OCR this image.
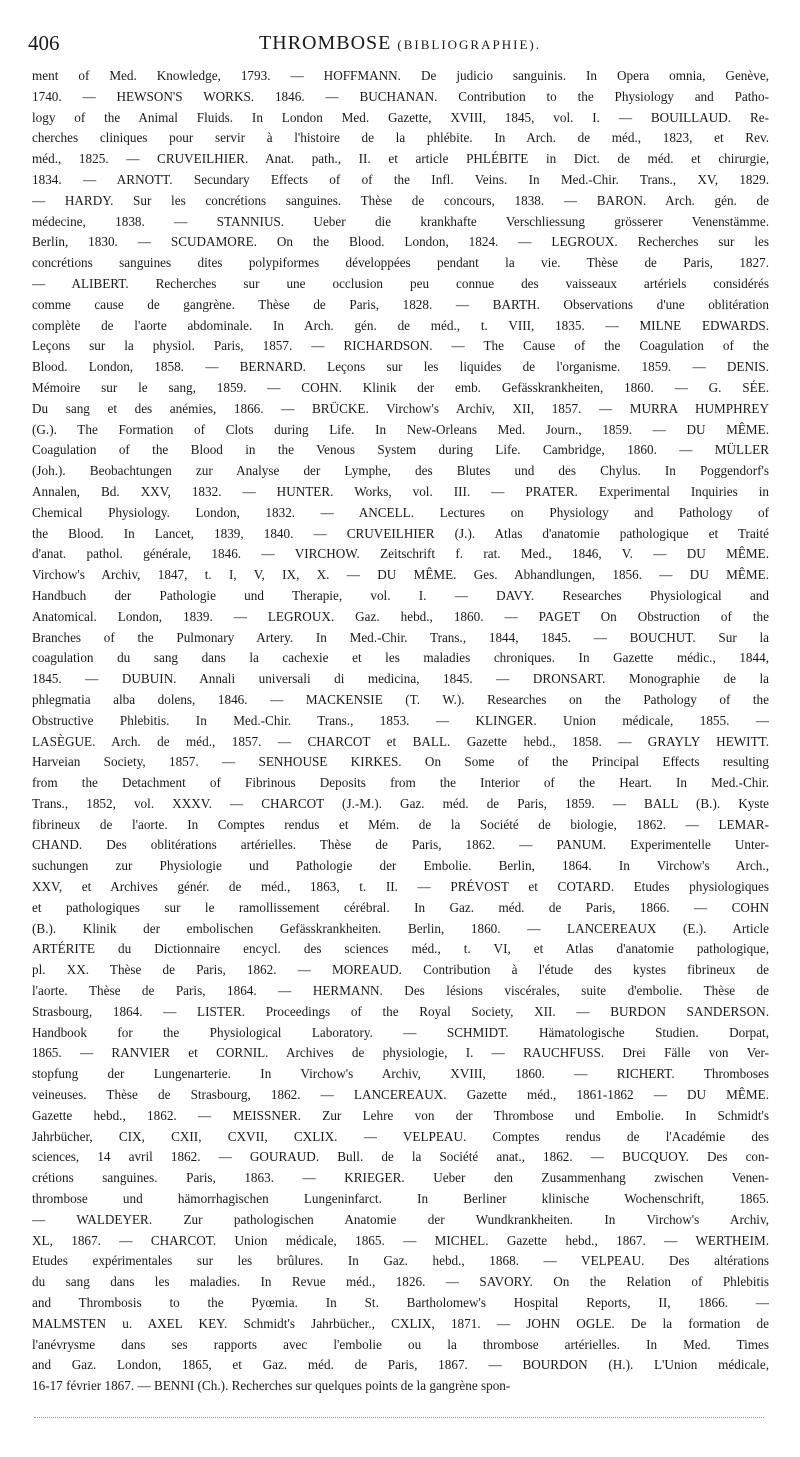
406	THROMBOSE (BIBLIOGRAPHIE).

ment of Med. Knowledge, 1793. — HOFFMANN. De judicio sanguinis. In Opera omnia, Genève,
1740. — HEWSON'S WORKS. 1846. — BUCHANAN. Contribution to the Physiology and Patho-
logy of the Animal Fluids. In London Med. Gazette, XVIII, 1845, vol. I. — BOUILLAUD. Re-
cherches cliniques pour servir à l'histoire de la phlébite. In Arch. de méd., 1823, et Rev.
méd., 1825. — CRUVEILHIER. Anat. path., II. et article PHLÉBITE in Dict. de méd. et chirurgie,
1834. — ARNOTT. Secundary Effects of of the Infl. Veins. In Med.-Chir. Trans., XV, 1829.
— HARDY. Sur les concrétions sanguines. Thèse de concours, 1838. — BARON. Arch. gén. de
médecine, 1838. — STANNIUS. Ueber die krankhafte Verschliessung grösserer Venenstämme.
Berlin, 1830. — SCUDAMORE. On the Blood. London, 1824. — LEGROUX. Recherches sur les
concrétions sanguines dites polypiformes développées pendant la vie. Thèse de Paris, 1827.
— ALIBERT. Recherches sur une occlusion peu connue des vaisseaux artériels considérés
comme cause de gangrène. Thèse de Paris, 1828. — BARTH. Observations d'une oblitération
complète de l'aorte abdominale. In Arch. gén. de méd., t. VIII, 1835. — MILNE EDWARDS.
Leçons sur la physiol. Paris, 1857. — RICHARDSON. — The Cause of the Coagulation of the
Blood. London, 1858. — BERNARD. Leçons sur les liquides de l'organisme. 1859. — DENIS.
Mémoire sur le sang, 1859. — COHN. Klinik der emb. Gefässkrankheiten, 1860. — G. SÉE.
Du sang et des anémies, 1866. — BRÜCKE. Virchow's Archiv, XII, 1857. — MURRA HUMPHREY
(G.). The Formation of Clots during Life. In New-Orleans Med. Journ., 1859. — DU MÊME.
Coagulation of the Blood in the Venous System during Life. Cambridge, 1860. — MÜLLER
(Joh.). Beobachtungen zur Analyse der Lymphe, des Blutes und des Chylus. In Poggendorf's
Annalen, Bd. XXV, 1832. — HUNTER. Works, vol. III. — PRATER. Experimental Inquiries in
Chemical Physiology. London, 1832. — ANCELL. Lectures on Physiology and Pathology of
the Blood. In Lancet, 1839, 1840. — CRUVEILHIER (J.). Atlas d'anatomie pathologique et Traité
d'anat. pathol. générale, 1846. — VIRCHOW. Zeitschrift f. rat. Med., 1846, V. — DU MÊME.
Virchow's Archiv, 1847, t. I, V, IX, X. — DU MÊME. Ges. Abhandlungen, 1856. — DU MÊME.
Handbuch der Pathologie und Therapie, vol. I. — DAVY. Researches Physiological and
Anatomical. London, 1839. — LEGROUX. Gaz. hebd., 1860. — PAGET On Obstruction of the
Branches of the Pulmonary Artery. In Med.-Chir. Trans., 1844, 1845. — BOUCHUT. Sur la
coagulation du sang dans la cachexie et les maladies chroniques. In Gazette médic., 1844,
1845. — DUBUIN. Annali universali di medicina, 1845. — DRONSART. Monographie de la
phlegmatia alba dolens, 1846. — MACKENSIE (T. W.). Researches on the Pathology of the
Obstructive Phlebitis. In Med.-Chir. Trans., 1853. — KLINGER. Union médicale, 1855. —
LASÈGUE. Arch. de méd., 1857. — CHARCOT et BALL. Gazette hebd., 1858. — GRAYLY HEWITT.
Harveian Society, 1857. — SENHOUSE KIRKES. On Some of the Principal Effects resulting
from the Detachment of Fibrinous Deposits from the Interior of the Heart. In Med.-Chir.
Trans., 1852, vol. XXXV. — CHARCOT (J.-M.). Gaz. méd. de Paris, 1859. — BALL (B.). Kyste
fibrineux de l'aorte. In Comptes rendus et Mém. de la Société de biologie, 1862. — LEMAR-
CHAND. Des oblitérations artérielles. Thèse de Paris, 1862. — PANUM. Experimentelle Unter-
suchungen zur Physiologie und Pathologie der Embolie. Berlin, 1864. In Virchow's Arch.,
XXV, et Archives génér. de méd., 1863, t. II. — PRÉVOST et COTARD. Etudes physiologiques
et pathologiques sur le ramollissement cérébral. In Gaz. méd. de Paris, 1866. — COHN
(B.). Klinik der embolischen Gefässkrankheiten. Berlin, 1860. — LANCEREAUX (E.). Article
ARTÉRITE du Dictionnaire encycl. des sciences méd., t. VI, et Atlas d'anatomie pathologique,
pl. XX. Thèse de Paris, 1862. — MOREAUD. Contribution à l'étude des kystes fibrineux de
l'aorte. Thèse de Paris, 1864. — HERMANN. Des lésions viscérales, suite d'embolie. Thèse de
Strasbourg, 1864. — LISTER. Proceedings of the Royal Society, XII. — BURDON SANDERSON.
Handbook for the Physiological Laboratory. — SCHMIDT. Hämatologische Studien. Dorpat,
1865. — RANVIER et CORNIL. Archives de physiologie, I. — RAUCHFUSS. Drei Fälle von Ver-
stopfung der Lungenarterie. In Virchow's Archiv, XVIII, 1860. — RICHERT. Thromboses
veineuses. Thèse de Strasbourg, 1862. — LANCEREAUX. Gazette méd., 1861-1862 — DU MÊME.
Gazette hebd., 1862. — MEISSNER. Zur Lehre von der Thrombose und Embolie. In Schmidt's
Jahrbücher, CIX, CXII, CXVII, CXLIX. — VELPEAU. Comptes rendus de l'Académie des
sciences, 14 avril 1862. — GOURAUD. Bull. de la Société anat., 1862. — BUCQUOY. Des con-
crétions sanguines. Paris, 1863. — KRIEGER. Ueber den Zusammenhang zwischen Venen-
thrombose und hämorrhagischen Lungeninfarct. In Berliner klinische Wochenschrift, 1865.
— WALDEYER. Zur pathologischen Anatomie der Wundkrankheiten. In Virchow's Archiv,
XL, 1867. — CHARCOT. Union médicale, 1865. — MICHEL. Gazette hebd., 1867. — WERTHEIM.
Etudes expérimentales sur les brûlures. In Gaz. hebd., 1868. — VELPEAU. Des altérations
du sang dans les maladies. In Revue méd., 1826. — SAVORY. On the Relation of Phlebitis
and Thrombosis to the Pyœmia. In St. Bartholomew's Hospital Reports, II, 1866. —
MALMSTEN u. AXEL KEY. Schmidt's Jahrbücher., CXLIX, 1871. — JOHN OGLE. De la formation de
l'anévrysme dans ses rapports avec l'embolie ou la thrombose artérielles. In Med. Times
and Gaz. London, 1865, et Gaz. méd. de Paris, 1867. — BOURDON (H.). L'Union médicale,
16-17 février 1867. — BENNI (Ch.). Recherches sur quelques points de la gangrène spon-
